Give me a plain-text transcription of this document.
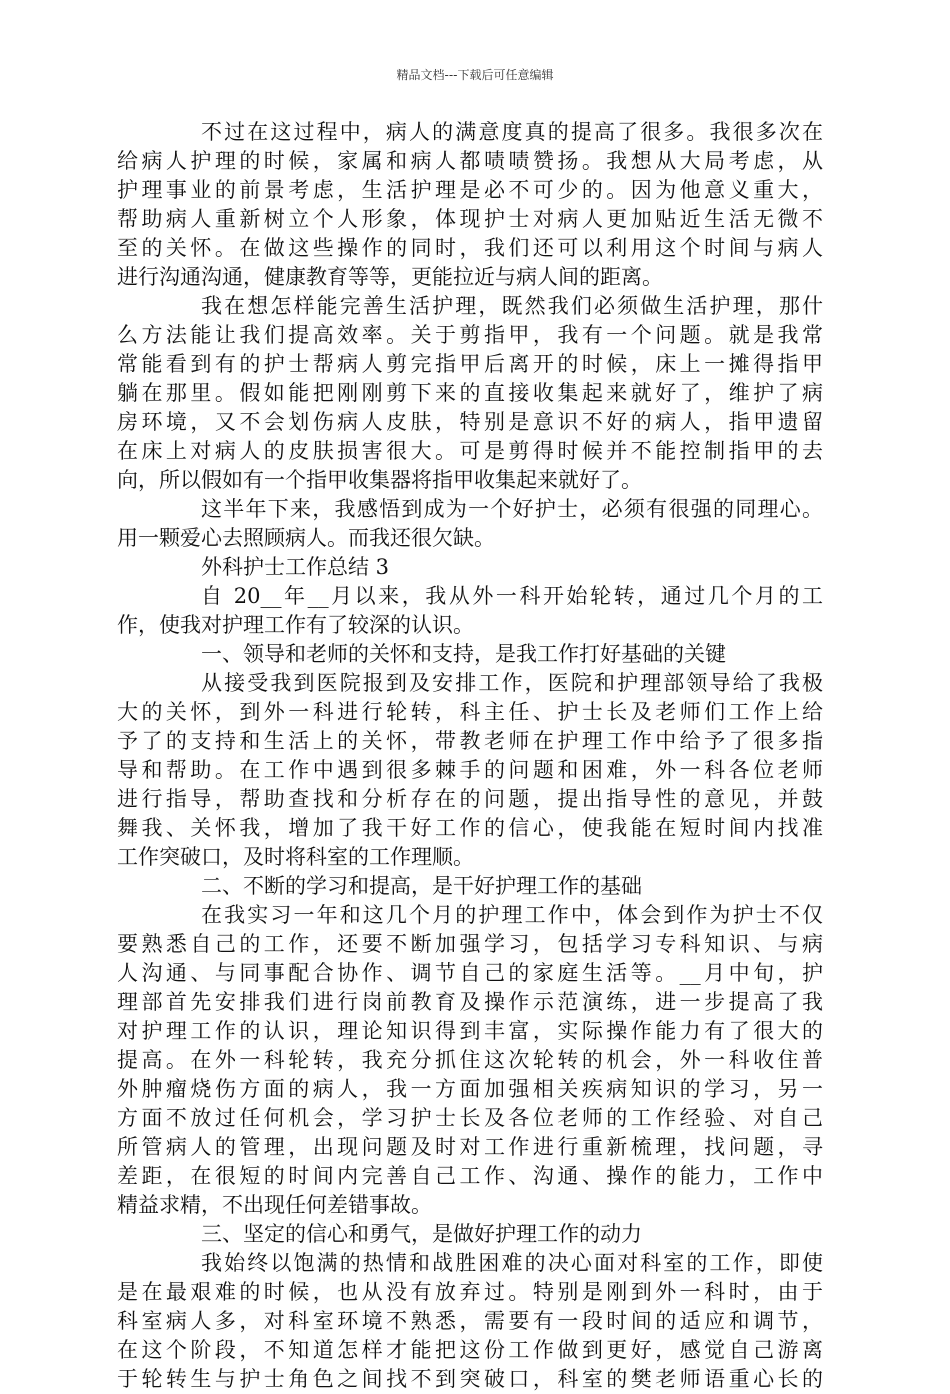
精品文档---下载后可任意编辑
不过在这过程中，病人的满意度真的提高了很多。我很多次在
给病人护理的时候，家属和病人都啧啧赞扬。我想从大局考虑，从
护理事业的前景考虑，生活护理是必不可少的。因为他意义重大，
帮助病人重新树立个人形象，体现护士对病人更加贴近生活无微不
至的关怀。在做这些操作的同时，我们还可以利用这个时间与病人
进行沟通沟通，健康教育等等，更能拉近与病人间的距离。
我在想怎样能完善生活护理，既然我们必须做生活护理，那什
么方法能让我们提高效率。关于剪指甲，我有一个问题。就是我常
常能看到有的护士帮病人剪完指甲后离开的时候，床上一摊得指甲
躺在那里。假如能把刚刚剪下来的直接收集起来就好了，维护了病
房环境，又不会划伤病人皮肤，特别是意识不好的病人，指甲遗留
在床上对病人的皮肤损害很大。可是剪得时候并不能控制指甲的去
向，所以假如有一个指甲收集器将指甲收集起来就好了。
这半年下来，我感悟到成为一个好护士，必须有很强的同理心。
用一颗爱心去照顾病人。而我还很欠缺。
外科护士工作总结 3
自 20__年__月以来，我从外一科开始轮转，通过几个月的工
作，使我对护理工作有了较深的认识。
一、领导和老师的关怀和支持，是我工作打好基础的关键
从接受我到医院报到及安排工作，医院和护理部领导给了我极
大的关怀，到外一科进行轮转，科主任、护士长及老师们工作上给
予了的支持和生活上的关怀，带教老师在护理工作中给予了很多指
导和帮助。在工作中遇到很多棘手的问题和困难，外一科各位老师
进行指导，帮助查找和分析存在的问题，提出指导性的意见，并鼓
舞我、关怀我，增加了我干好工作的信心，使我能在短时间内找准
工作突破口，及时将科室的工作理顺。
二、不断的学习和提高，是干好护理工作的基础
在我实习一年和这几个月的护理工作中，体会到作为护士不仅
要熟悉自己的工作，还要不断加强学习，包括学习专科知识、与病
人沟通、与同事配合协作、调节自己的家庭生活等。__月中旬，护
理部首先安排我们进行岗前教育及操作示范演练，进一步提高了我
对护理工作的认识，理论知识得到丰富，实际操作能力有了很大的
提高。在外一科轮转，我充分抓住这次轮转的机会，外一科收住普
外肿瘤烧伤方面的病人，我一方面加强相关疾病知识的学习，另一
方面不放过任何机会，学习护士长及各位老师的工作经验、对自己
所管病人的管理，出现问题及时对工作进行重新梳理，找问题，寻
差距，在很短的时间内完善自己工作、沟通、操作的能力，工作中
精益求精，不出现任何差错事故。
三、坚定的信心和勇气，是做好护理工作的动力
我始终以饱满的热情和战胜困难的决心面对科室的工作，即使
是在最艰难的时候，也从没有放弃过。特别是刚到外一科时，由于
科室病人多，对科室环境不熟悉，需要有一段时间的适应和调节，
在这个阶段，不知道怎样才能把这份工作做到更好，感觉自己游离
于轮转生与护士角色之间找不到突破口，科室的樊老师语重心长的
